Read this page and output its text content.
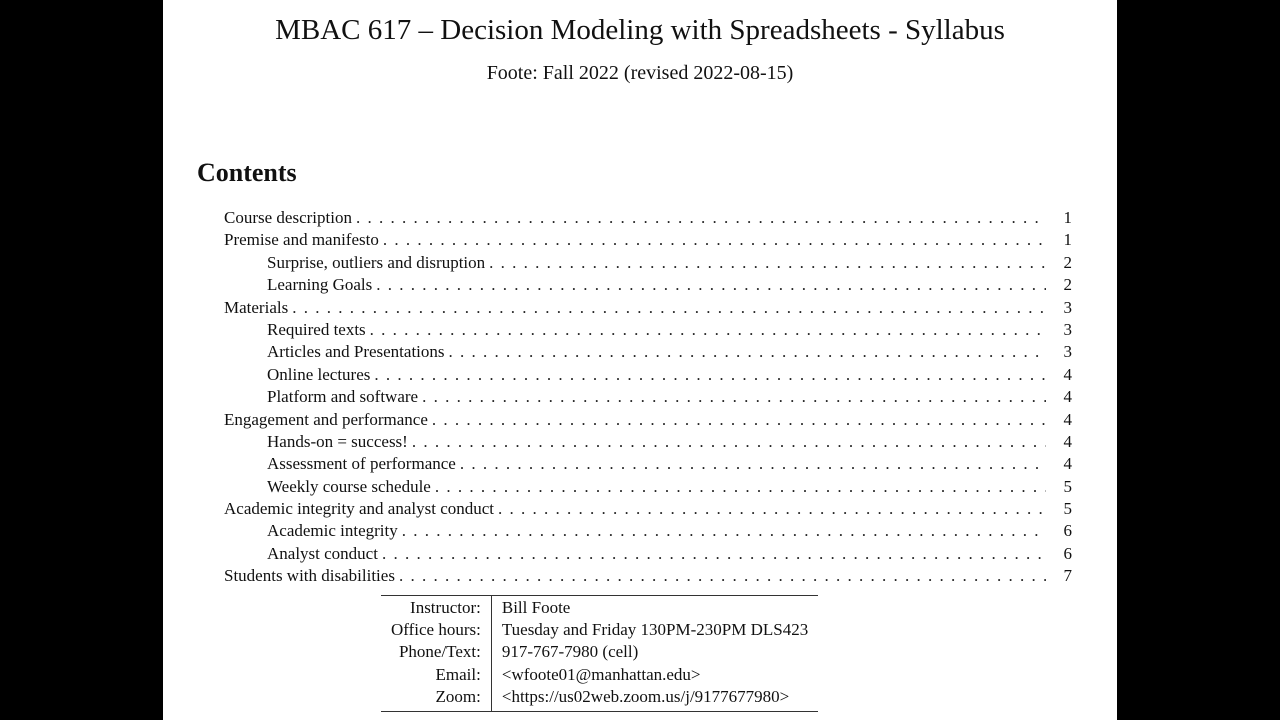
MBAC 617 – Decision Modeling with Spreadsheets - Syllabus
Foote: Fall 2022 (revised 2022-08-15)
Contents
Course description . . .	1
Premise and manifesto . . .	1
Surprise, outliers and disruption . . .	2
Learning Goals . . .	2
Materials . . .	3
Required texts . . .	3
Articles and Presentations . . .	3
Online lectures . . .	4
Platform and software . . .	4
Engagement and performance . . .	4
Hands-on = success! . . .	4
Assessment of performance . . .	4
Weekly course schedule . . .	5
Academic integrity and analyst conduct . . .	5
Academic integrity . . .	6
Analyst conduct . . .	6
Students with disabilities . . .	7
Instructor:	Bill Foote
Office hours:	Tuesday and Friday 130PM-230PM DLS423
Phone/Text:	917-767-7980 (cell)
Email:	<wfoote01@manhattan.edu>
Zoom:	<https://us02web.zoom.us/j/9177677980>
